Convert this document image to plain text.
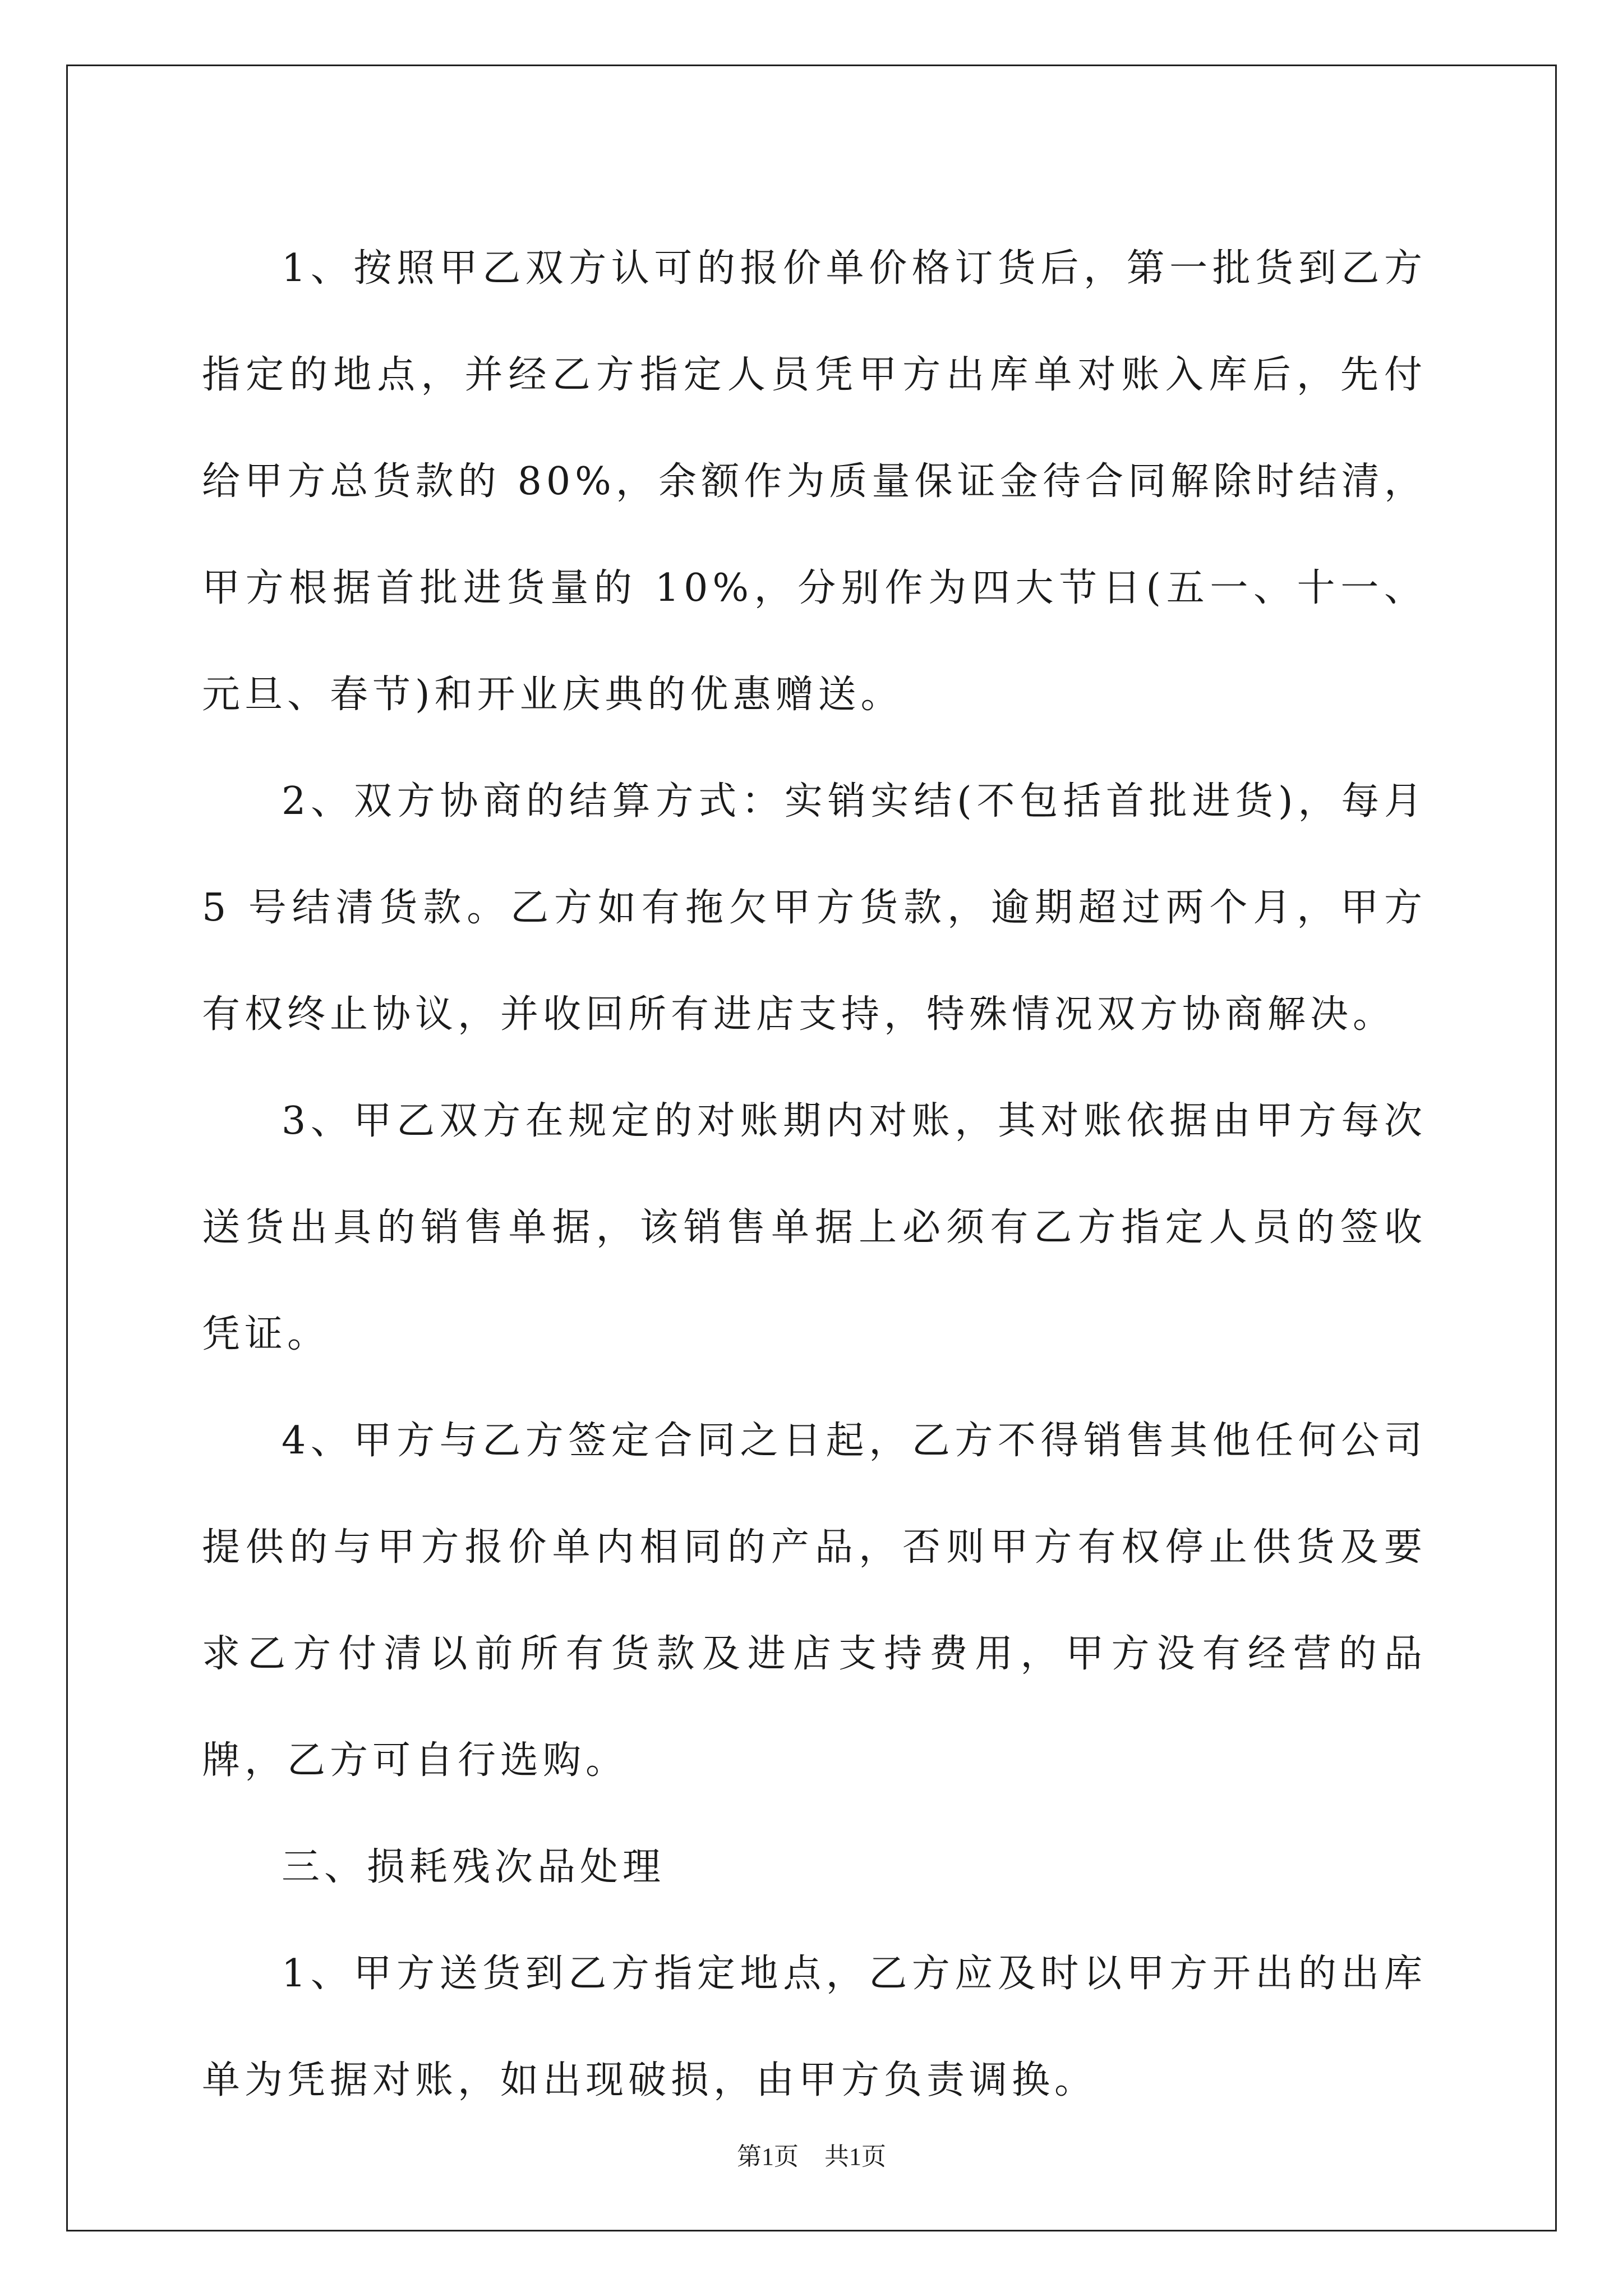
1、按照甲乙双方认可的报价单价格订货后，第一批货到乙方指定的地点，并经乙方指定人员凭甲方出库单对账入库后，先付给甲方总货款的 80%，余额作为质量保证金待合同解除时结清，甲方根据首批进货量的 10%，分别作为四大节日(五一、十一、元旦、春节)和开业庆典的优惠赠送。

2、双方协商的结算方式：实销实结(不包括首批进货)，每月 5 号结清货款。乙方如有拖欠甲方货款，逾期超过两个月，甲方有权终止协议，并收回所有进店支持，特殊情况双方协商解决。

3、甲乙双方在规定的对账期内对账，其对账依据由甲方每次送货出具的销售单据，该销售单据上必须有乙方指定人员的签收凭证。

4、甲方与乙方签定合同之日起，乙方不得销售其他任何公司提供的与甲方报价单内相同的产品，否则甲方有权停止供货及要求乙方付清以前所有货款及进店支持费用，甲方没有经营的品牌，乙方可自行选购。

三、损耗残次品处理

1、甲方送货到乙方指定地点，乙方应及时以甲方开出的出库单为凭据对账，如出现破损，由甲方负责调换。

第1页 共1页
